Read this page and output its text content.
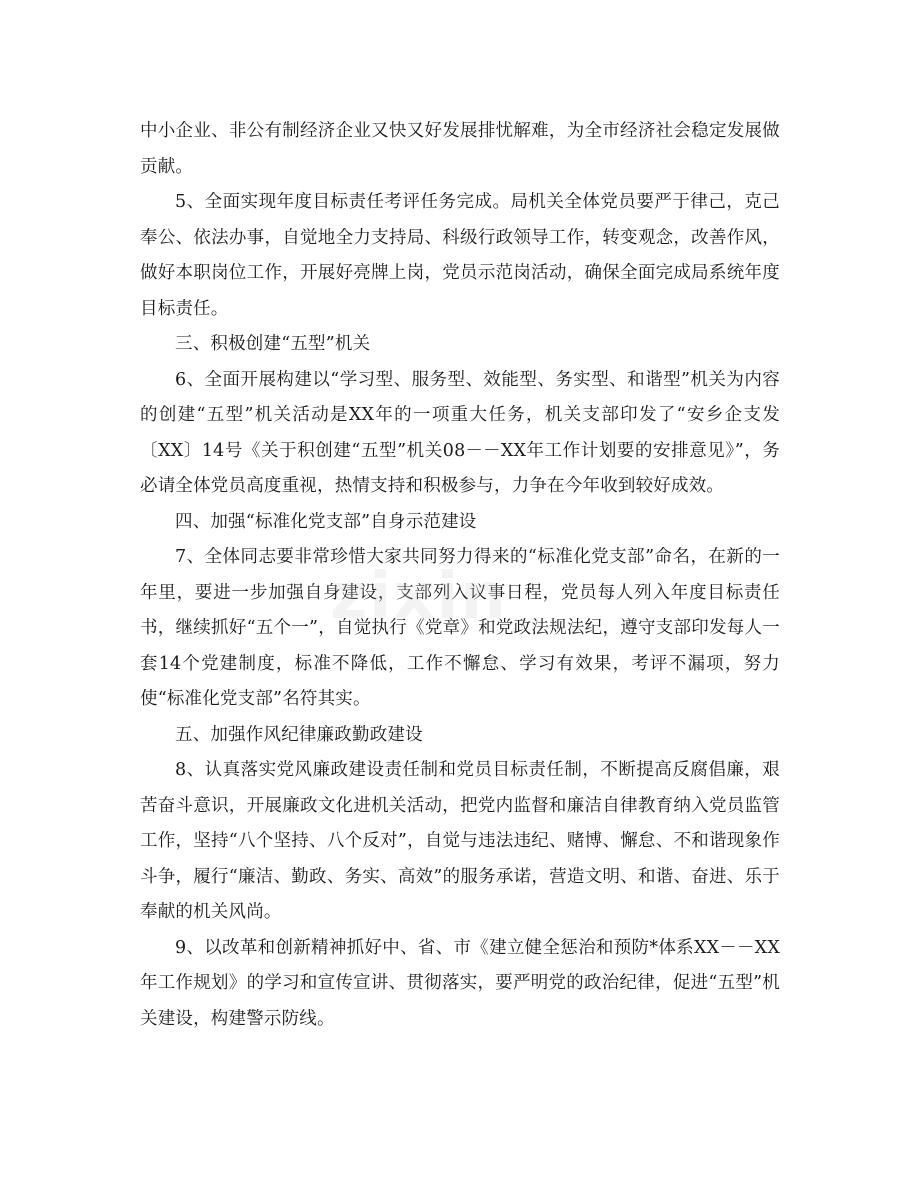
中小企业、非公有制经济企业又快又好发展排忧解难，为全市经济社会稳定发展做贡献。

5、全面实现年度目标责任考评任务完成。局机关全体党员要严于律己，克己奉公、依法办事，自觉地全力支持局、科级行政领导工作，转变观念，改善作风，做好本职岗位工作，开展好亮牌上岗，党员示范岗活动，确保全面完成局系统年度目标责任。

三、积极创建“五型”机关

6、全面开展构建以“学习型、服务型、效能型、务实型、和谐型”机关为内容的创建“五型”机关活动是XX年的一项重大任务，机关支部印发了“安乡企支发〔XX〕14号《关于积创建“五型”机关08－－XX年工作计划要的安排意见》”，务必请全体党员高度重视，热情支持和积极参与，力争在今年收到较好成效。

四、加强“标准化党支部”自身示范建设

7、全体同志要非常珍惜大家共同努力得来的“标准化党支部”命名，在新的一年里，要进一步加强自身建设，支部列入议事日程，党员每人列入年度目标责任书，继续抓好“五个一”，自觉执行《党章》和党政法规法纪，遵守支部印发每人一套14个党建制度，标准不降低，工作不懈怠、学习有效果，考评不漏项，努力使“标准化党支部”名符其实。

五、加强作风纪律廉政勤政建设

8、认真落实党风廉政建设责任制和党员目标责任制，不断提高反腐倡廉，艰苦奋斗意识，开展廉政文化进机关活动，把党内监督和廉洁自律教育纳入党员监管工作，坚持“八个坚持、八个反对”，自觉与违法违纪、赌博、懈怠、不和谐现象作斗争，履行“廉洁、勤政、务实、高效”的服务承诺，营造文明、和谐、奋进、乐于奉献的机关风尚。

9、以改革和创新精神抓好中、省、市《建立健全惩治和预防*体系XX－－XX年工作规划》的学习和宣传宣讲、贯彻落实，要严明党的政治纪律，促进“五型”机关建设，构建警示防线。

zixin
